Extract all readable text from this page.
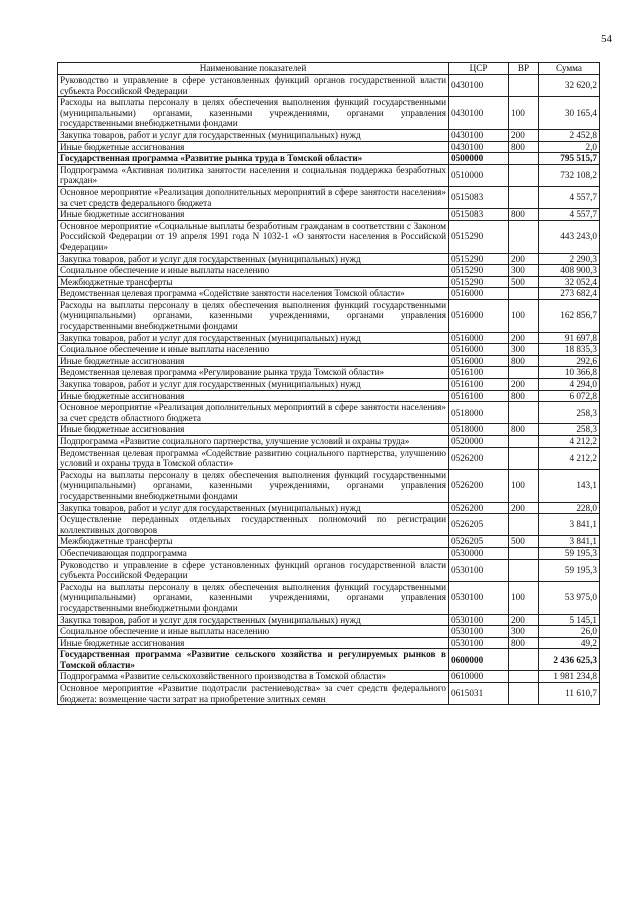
54
Наименование показателей	ЦСР	ВР	Сумма
Руководство и управление в сфере установленных функций органов государственной власти субъекта Российской Федерации	0430100		32 620,2
Расходы на выплаты персоналу в целях обеспечения выполнения функций государственными (муниципальными) органами, казенными учреждениями, органами управления государственными внебюджетными фондами	0430100	100	30 165,4
Закупка товаров, работ и услуг для государственных (муниципальных) нужд	0430100	200	2 452,8
Иные бюджетные ассигнования	0430100	800	2,0
Государственная программа «Развитие рынка труда в Томской области»	0500000		795 515,7
Подпрограмма «Активная политика занятости населения и социальная поддержка безработных граждан»	0510000		732 108,2
Основное мероприятие «Реализация дополнительных мероприятий в сфере занятости населения» за счет средств федерального бюджета	0515083		4 557,7
Иные бюджетные ассигнования	0515083	800	4 557,7
Основное мероприятие «Социальные выплаты безработным гражданам в соответствии с Законом Российской Федерации от 19 апреля 1991 года N 1032-1 «О занятости населения в Российской Федерации»	0515290		443 243,0
Закупка товаров, работ и услуг для государственных (муниципальных) нужд	0515290	200	2 290,3
Социальное обеспечение и иные выплаты населению	0515290	300	408 900,3
Межбюджетные трансферты	0515290	500	32 052,4
Ведомственная целевая программа «Содействие занятости населения Томской области»	0516000		273 682,4
Расходы на выплаты персоналу в целях обеспечения выполнения функций государственными (муниципальными) органами, казенными учреждениями, органами управления государственными внебюджетными фондами	0516000	100	162 856,7
Закупка товаров, работ и услуг для государственных (муниципальных) нужд	0516000	200	91 697,8
Социальное обеспечение и иные выплаты населению	0516000	300	18 835,3
Иные бюджетные ассигнования	0516000	800	292,6
Ведомственная целевая программа «Регулирование рынка труда Томской области»	0516100		10 366,8
Закупка товаров, работ и услуг для государственных (муниципальных) нужд	0516100	200	4 294,0
Иные бюджетные ассигнования	0516100	800	6 072,8
Основное мероприятие «Реализация дополнительных мероприятий в сфере занятости населения» за счет средств областного бюджета	0518000		258,3
Иные бюджетные ассигнования	0518000	800	258,3
Подпрограмма «Развитие социального партнерства, улучшение условий и охраны труда»	0520000		4 212,2
Ведомственная целевая программа «Содействие развитию социального партнерства, улучшению условий и охраны труда в Томской области»	0526200		4 212,2
Расходы на выплаты персоналу в целях обеспечения выполнения функций государственными (муниципальными) органами, казенными учреждениями, органами управления государственными внебюджетными фондами	0526200	100	143,1
Закупка товаров, работ и услуг для государственных (муниципальных) нужд	0526200	200	228,0
Осуществление переданных отдельных государственных полномочий по регистрации коллективных договоров	0526205		3 841,1
Межбюджетные трансферты	0526205	500	3 841,1
Обеспечивающая подпрограмма	0530000		59 195,3
Руководство и управление в сфере установленных функций органов государственной власти субъекта Российской Федерации	0530100		59 195,3
Расходы на выплаты персоналу в целях обеспечения выполнения функций государственными (муниципальными) органами, казенными учреждениями, органами управления государственными внебюджетными фондами	0530100	100	53 975,0
Закупка товаров, работ и услуг для государственных (муниципальных) нужд	0530100	200	5 145,1
Социальное обеспечение и иные выплаты населению	0530100	300	26,0
Иные бюджетные ассигнования	0530100	800	49,2
Государственная программа «Развитие сельского хозяйства и регулируемых рынков в Томской области»	0600000		2 436 625,3
Подпрограмма «Развитие сельскохозяйственного производства в Томской области»	0610000		1 981 234,8
Основное мероприятие «Развитие подотрасли растениеводства» за счет средств федерального бюджета: возмещение части затрат на приобретение элитных семян	0615031		11 610,7
